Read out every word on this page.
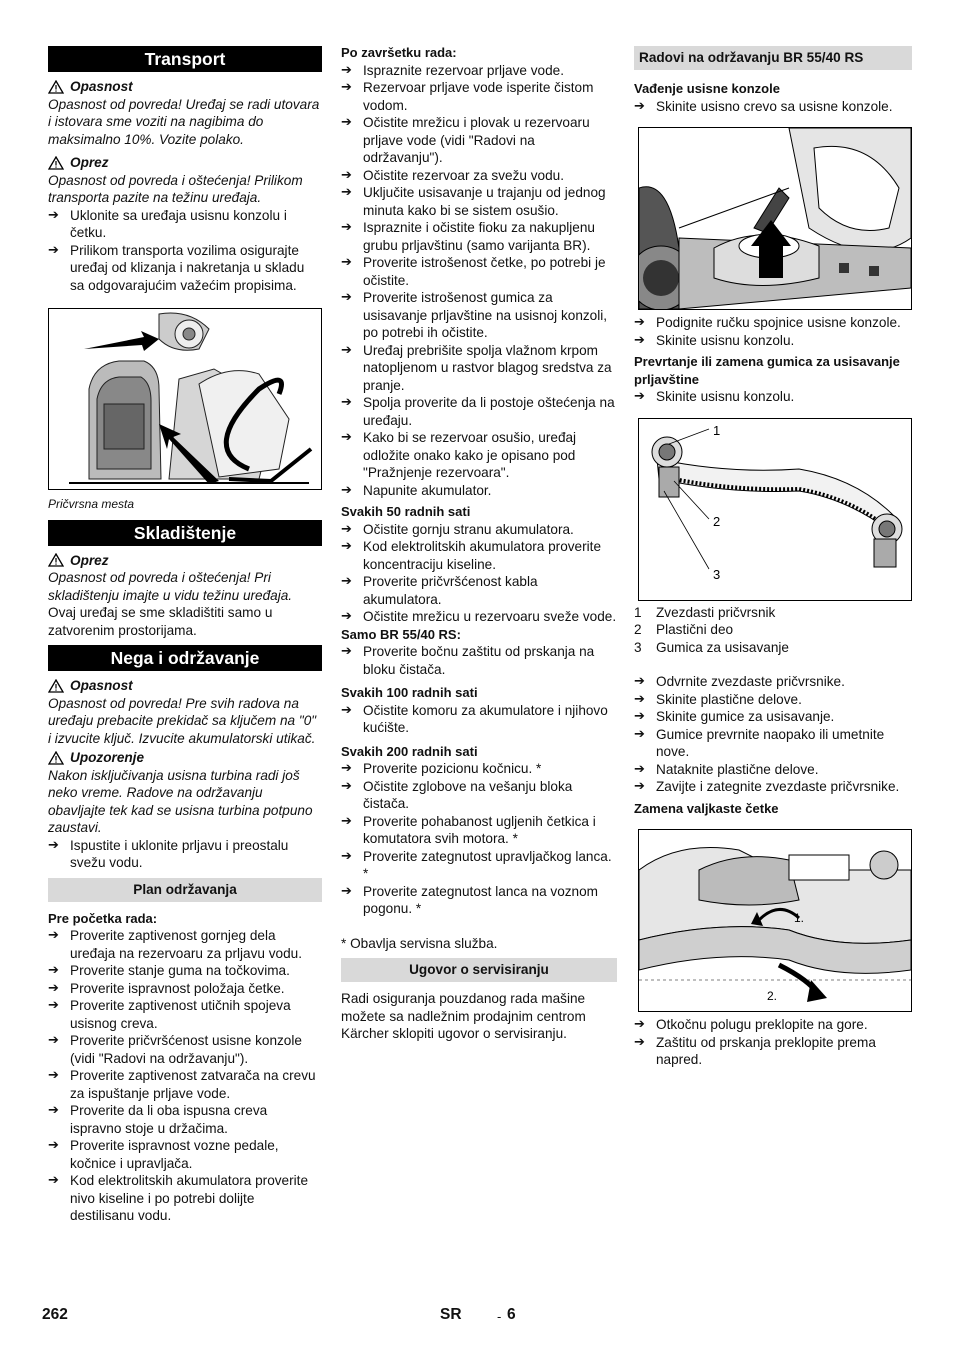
Transport
Opasnost

Opasnost od povreda! Uređaj se radi utovara i istovara sme voziti na nagibima do maksimalno 10%. Vozite polako.

Oprez

Opasnost od povreda i oštećenja! Prilikom transporta pazite na težinu uređaja.

➔ Uklonite sa uređaja usisnu konzolu i četku.
➔ Prilikom transporta vozilima osigurajte uređaj od klizanja i nakretanja u skladu sa odgovarajućim važećim propisima.

Pričvrsna mesta

Skladištenje
Oprez

Opasnost od povreda i oštećenja! Pri skladištenju imajte u vidu težinu uređaja.

Ovaj uređaj se sme skladištiti samo u zatvorenim prostorijama.

Nega i održavanje
Opasnost

Opasnost od povreda! Pre svih radova na uređaju prebacite prekidač sa ključem na "0" i izvucite ključ. Izvucite akumulatorski utikač.

Upozorenje

Nakon isključivanja usisna turbina radi još neko vreme. Radove na održavanju obavljajte tek kad se usisna turbina potpuno zaustavi.

➔ Ispustite i uklonite prljavu i preostalu svežu vodu.
Plan održavanja

Pre početka rada:

➔ Proverite zaptivenost gornjeg dela uređaja na rezervoaru za prljavu vodu.
➔ Proverite stanje guma na točkovima.
➔ Proverite ispravnost položaja četke.
➔ Proverite zaptivenost utičnih spojeva usisnog creva.
➔ Proverite pričvršćenost usisne konzole (vidi "Radovi na održavanju").
➔ Proverite zaptivenost zatvarača na crevu za ispuštanje prljave vode.
➔ Proverite da li oba ispusna creva ispravno stoje u držačima.
➔ Proverite ispravnost vozne pedale, kočnice i upravljača.
➔ Kod elektrolitskih akumulatora proverite nivo kiseline i po potrebi dolijte destilisanu vodu.

Po završetku rada:

➔ Ispraznite rezervoar prljave vode.
➔ Rezervoar prljave vode isperite čistom vodom.
➔ Očistite mrežicu i plovak u rezervoaru prljave vode (vidi "Radovi na održavanju").
➔ Očistite rezervoar za svežu vodu.
➔ Uključite usisavanje u trajanju od jednog minuta kako bi se sistem osušio.
➔ Ispraznite i očistite fioku za nakupljenu grubu prljavštinu (samo varijanta BR).
➔ Proverite istrošenost četke, po potrebi je očistite.
➔ Proverite istrošenost gumica za usisavanje prljavštine na usisnoj konzoli, po potrebi ih očistite.
➔ Uređaj prebrišite spolja vlažnom krpom natopljenom u rastvor blagog sredstva za pranje.
➔ Spolja proverite da li postoje oštećenja na uređaju.
➔ Kako bi se rezervoar osušio, uređaj odložite onako kako je opisano pod "Pražnjenje rezervoara".
➔ Napunite akumulator.

Svakih 50 radnih sati

➔ Očistite gornju stranu akumulatora.
➔ Kod elektrolitskih akumulatora proverite koncentraciju kiseline.
➔ Proverite pričvršćenost kabla akumulatora.
➔ Očistite mrežicu u rezervoaru sveže vode.

Samo BR 55/40 RS:

➔ Proverite bočnu zaštitu od prskanja na bloku čistača.

Svakih 100 radnih sati

➔ Očistite komoru za akumulatore i njihovo kućište.

Svakih 200 radnih sati

➔ Proverite pozicionu kočnicu. *
➔ Očistite zglobove na vešanju bloka čistača.
➔ Proverite pohabanost ugljenih četkica i komutatora svih motora. *
➔ Proverite zategnutost upravljačkog lanca. *
➔ Proverite zategnutost lanca na voznom pogonu. *

* Obavlja servisna služba.

Ugovor o servisiranju

Radi osiguranja pouzdanog rada mašine možete sa nadležnim prodajnim centrom Kärcher sklopiti ugovor o servisiranju.

Radovi na održavanju BR 55/40 RS

Vađenje usisne konzole

➔ Skinite usisno crevo sa usisne konzole.
➔ Podignite ručku spojnice usisne konzole.
➔ Skinite usisnu konzolu.

Prevrtanje ili zamena gumica za usisavanje prljavštine

➔ Skinite usisnu konzolu.
1
2
3
1	Zvezdasti pričvrsnik
2	Plastični deo
3	Gumica za usisavanje
➔ Odvrnite zvezdaste pričvrsnike.
➔ Skinite plastične delove.
➔ Skinite gumice za usisavanje.
➔ Gumice prevrnite naopako ili umetnite nove.
➔ Nataknite plastične delove.
➔ Zavijte i zategnite zvezdaste pričvrsnike.

Zamena valjkaste četke

1.
2.
➔ Otkočnu polugu preklopite na gore.
➔ Zaštitu od prskanja preklopite prema napred.
262	SR	- 6
